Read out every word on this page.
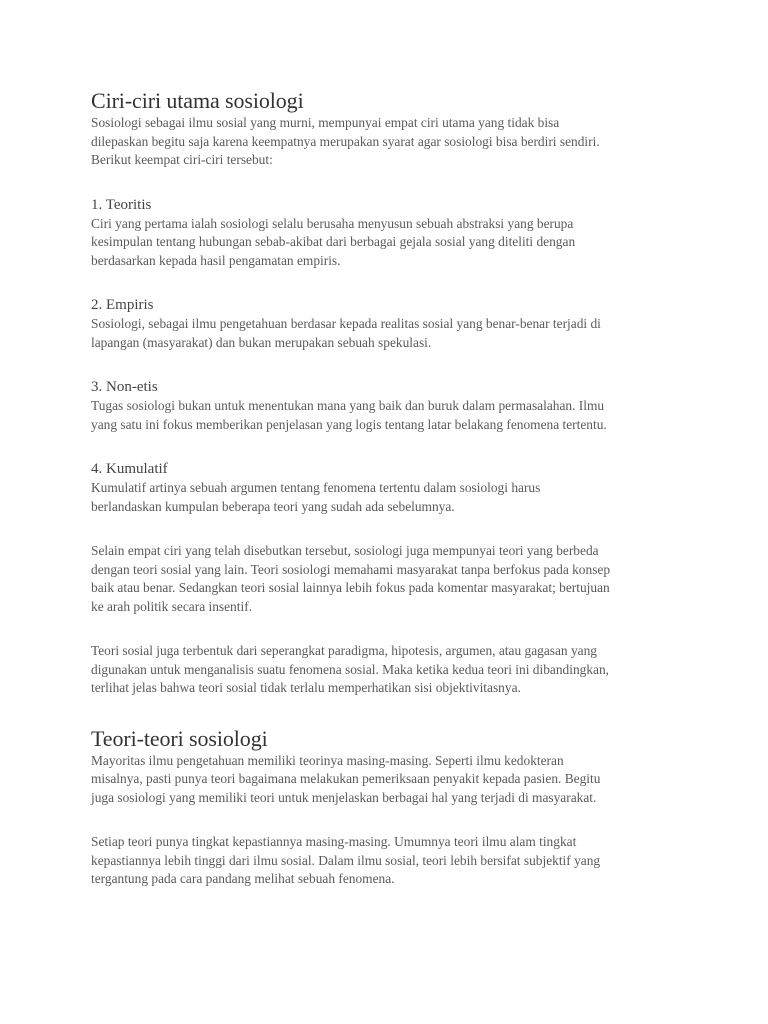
Ciri-ciri utama sosiologi

Sosiologi sebagai ilmu sosial yang murni, mempunyai empat ciri utama yang tidak bisa
dilepaskan begitu saja karena keempatnya merupakan syarat agar sosiologi bisa berdiri sendiri.
Berikut keempat ciri-ciri tersebut:

1. Teoritis

Ciri yang pertama ialah sosiologi selalu berusaha menyusun sebuah abstraksi yang berupa
kesimpulan tentang hubungan sebab-akibat dari berbagai gejala sosial yang diteliti dengan
berdasarkan kepada hasil pengamatan empiris.

2. Empiris

Sosiologi, sebagai ilmu pengetahuan berdasar kepada realitas sosial yang benar-benar terjadi di
lapangan (masyarakat) dan bukan merupakan sebuah spekulasi.

3. Non-etis

Tugas sosiologi bukan untuk menentukan mana yang baik dan buruk dalam permasalahan. Ilmu
yang satu ini fokus memberikan penjelasan yang logis tentang latar belakang fenomena tertentu.

4. Kumulatif

Kumulatif artinya sebuah argumen tentang fenomena tertentu dalam sosiologi harus
berlandaskan kumpulan beberapa teori yang sudah ada sebelumnya.

Selain empat ciri yang telah disebutkan tersebut, sosiologi juga mempunyai teori yang berbeda
dengan teori sosial yang lain. Teori sosiologi memahami masyarakat tanpa berfokus pada konsep
baik atau benar. Sedangkan teori sosial lainnya lebih fokus pada komentar masyarakat; bertujuan
ke arah politik secara insentif.

Teori sosial juga terbentuk dari seperangkat paradigma, hipotesis, argumen, atau gagasan yang
digunakan untuk menganalisis suatu fenomena sosial. Maka ketika kedua teori ini dibandingkan,
terlihat jelas bahwa teori sosial tidak terlalu memperhatikan sisi objektivitasnya.

Teori-teori sosiologi

Mayoritas ilmu pengetahuan memiliki teorinya masing-masing. Seperti ilmu kedokteran
misalnya, pasti punya teori bagaimana melakukan pemeriksaan penyakit kepada pasien. Begitu
juga sosiologi yang memiliki teori untuk menjelaskan berbagai hal yang terjadi di masyarakat.

Setiap teori punya tingkat kepastiannya masing-masing. Umumnya teori ilmu alam tingkat
kepastiannya lebih tinggi dari ilmu sosial. Dalam ilmu sosial, teori lebih bersifat subjektif yang
tergantung pada cara pandang melihat sebuah fenomena.
